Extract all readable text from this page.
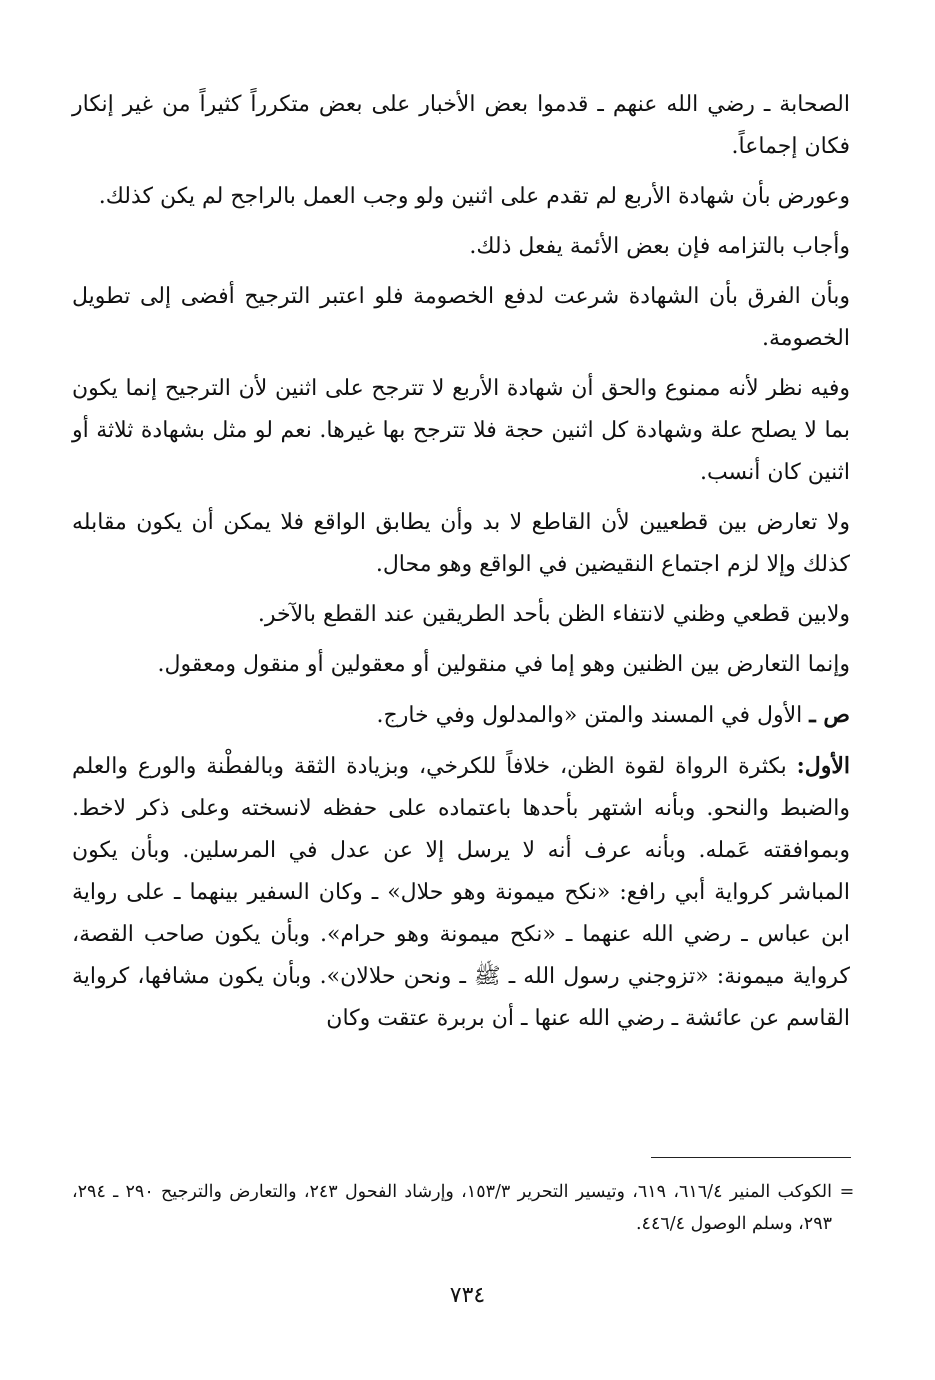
الصحابة ـ رضي الله عنهم ـ قدموا بعض الأخبار على بعض متكرراً كثيراً من غير إنكار فكان إجماعاً.

وعورض بأن شهادة الأربع لم تقدم على اثنين ولو وجب العمل بالراجح لم يكن كذلك.

وأجاب بالتزامه فإن بعض الأئمة يفعل ذلك.

وبأن الفرق بأن الشهادة شرعت لدفع الخصومة فلو اعتبر الترجيح أفضى إلى تطويل الخصومة.

وفيه نظر لأنه ممنوع والحق أن شهادة الأربع لا تترجح على اثنين لأن الترجيح إنما يكون بما لا يصلح علة وشهادة كل اثنين حجة فلا تترجح بها غيرها. نعم لو مثل بشهادة ثلاثة أو اثنين كان أنسب.

ولا تعارض بين قطعيين لأن القاطع لا بد وأن يطابق الواقع فلا يمكن أن يكون مقابله كذلك وإلا لزم اجتماع النقيضين في الواقع وهو محال.

ولابين قطعي وظني لانتفاء الظن بأحد الطريقين عند القطع بالآخر.

وإنما التعارض بين الظنين وهو إما في منقولين أو معقولين أو منقول ومعقول.

ص ـ الأول في المسند والمتن «والمدلول وفي خارج.

الأول: بكثرة الرواة لقوة الظن، خلافاً للكرخي، وبزيادة الثقة وبالفطْنة والورع والعلم والضبط والنحو. وبأنه اشتهر بأحدها باعتماده على حفظه لانسخته وعلى ذكر لاخط. وبموافقته عَمله. وبأنه عرف أنه لا يرسل إلا عن عدل في المرسلين. وبأن يكون المباشر كرواية أبي رافع: «نكح ميمونة وهو حلال» ـ وكان السفير بينهما ـ على رواية ابن عباس ـ رضي الله عنهما ـ «نكح ميمونة وهو حرام». وبأن يكون صاحب القصة، كرواية ميمونة: «تزوجني رسول الله ـ ﷺ ـ ونحن حلالان». وبأن يكون مشافها، كرواية القاسم عن عائشة ـ رضي الله عنها ـ أن بربرة عتقت وكان

=
الكوكب المنير ٦١٦/٤، ٦١٩، وتيسير التحرير ١٥٣/٣، وإرشاد الفحول ٢٤٣، والتعارض والترجيح ٢٩٠ ـ ٢٩٤، ٢٩٣، وسلم الوصول ٤٤٦/٤.
٧٣٤
